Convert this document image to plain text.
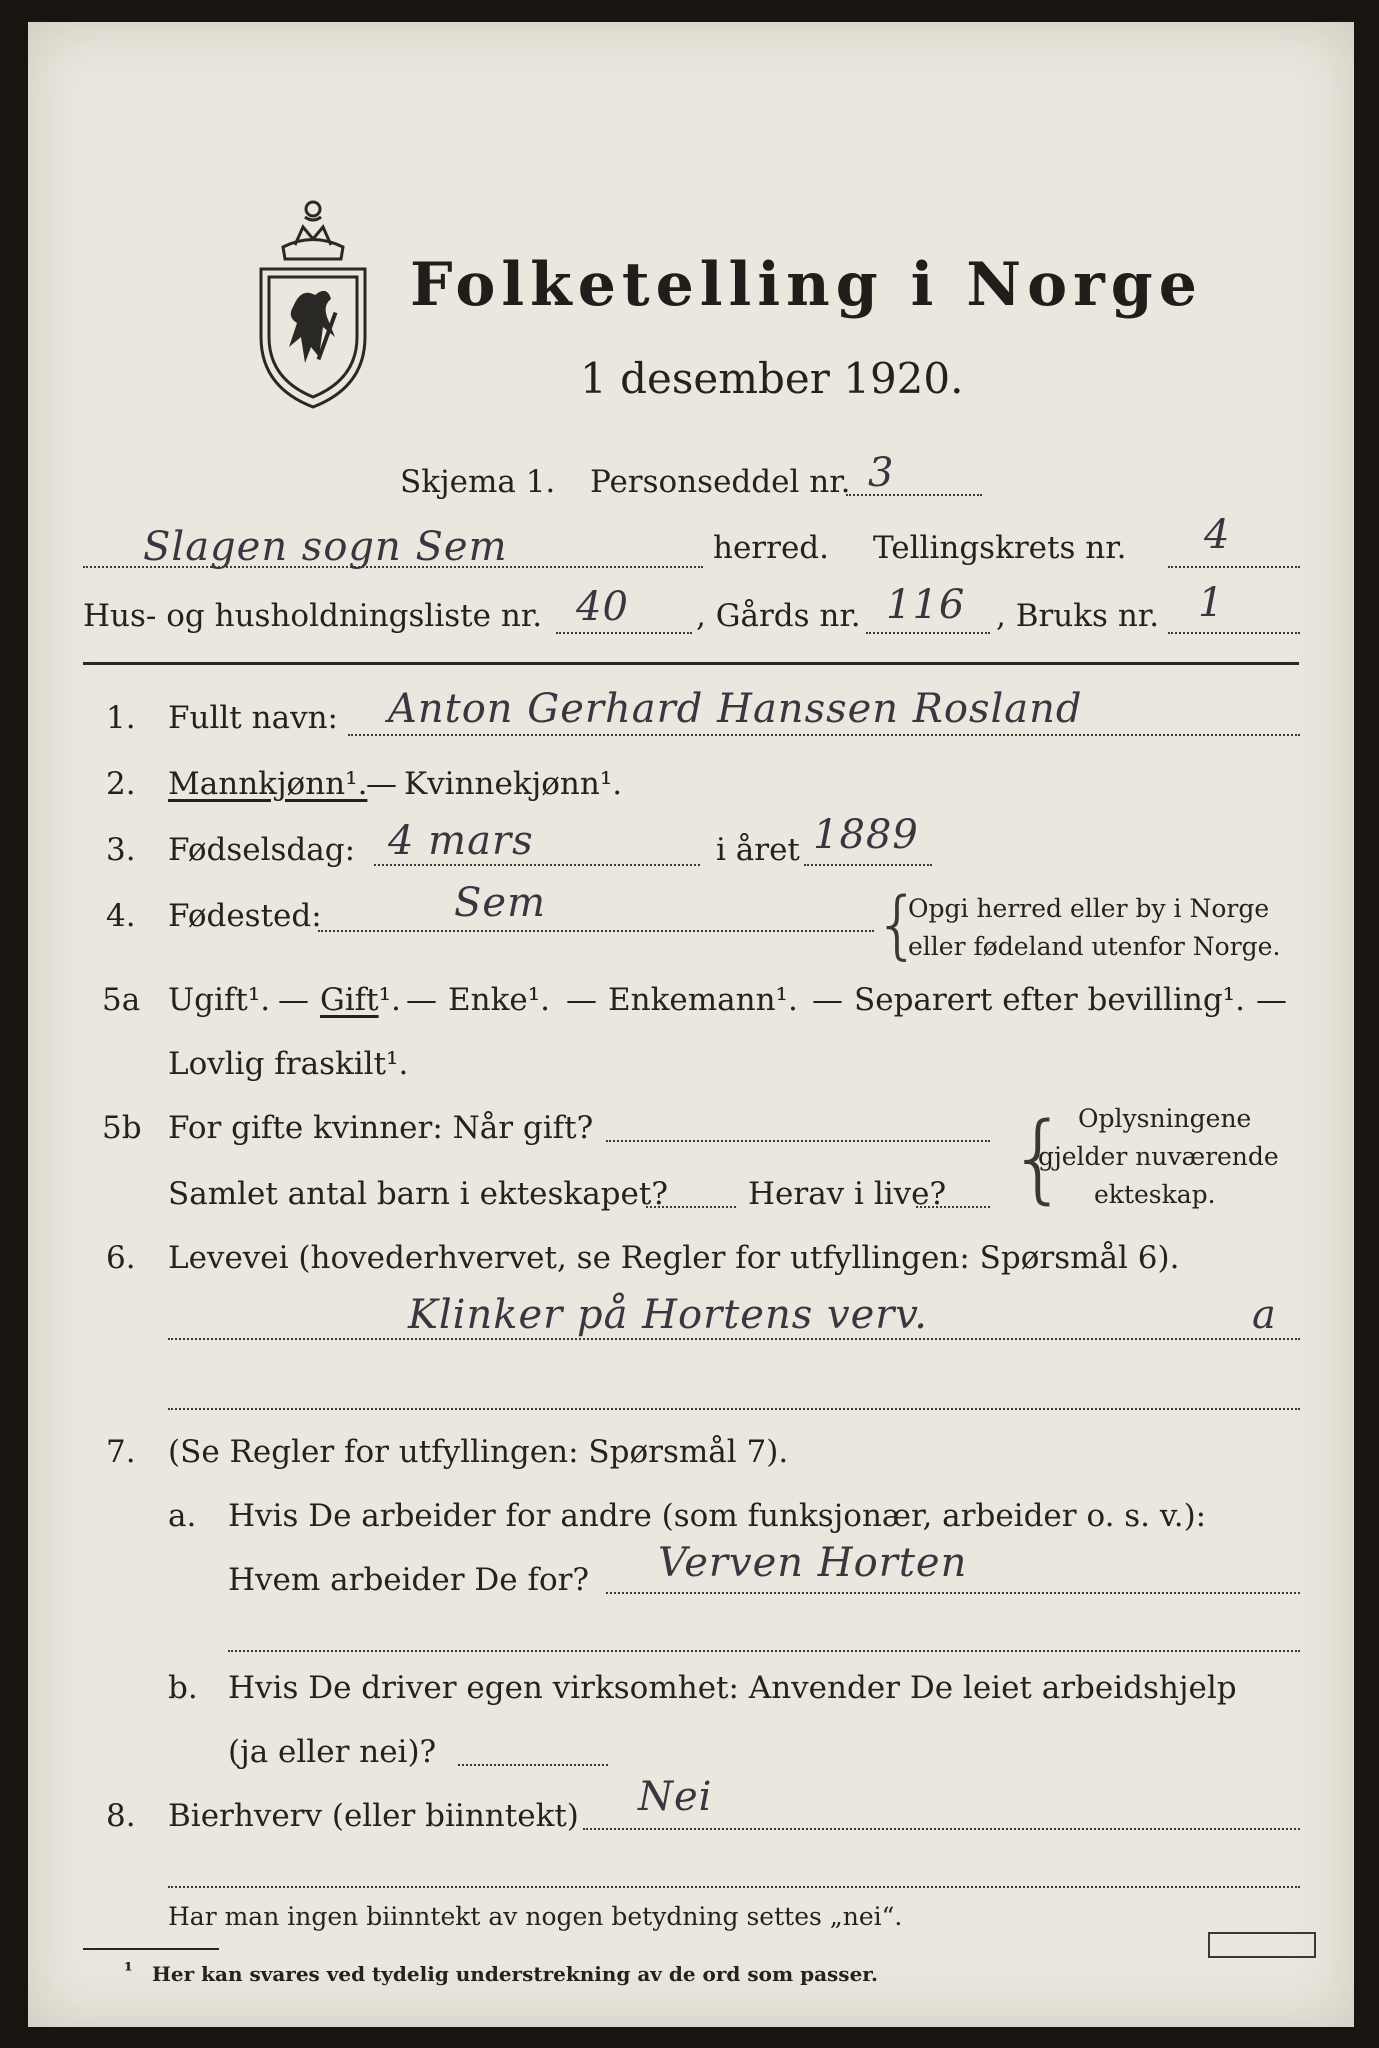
Folketelling i Norge
1 desember 1920.
Skjema 1. Personseddel nr. 3
Slagen sogn Sem	herred. Tellingskrets nr. 4
Hus- og husholdningsliste nr. 40 , Gårds nr. 116 , Bruks nr. 1
1. Fullt navn: Anton Gerhard Hanssen Rosland
2. Mannkjønn¹.
— Kvinnekjønn¹.
3. Fødselsdag: 4 mars	i året 1889
4. Fødested:	Sem	{
Opgi herred eller by i Norge
eller fødeland utenfor Norge.
5a Ugift¹. — Gift¹. — Enke¹. — Enkemann¹. — Separert efter bevilling¹. —
Lovlig fraskilt¹.
5b For gifte kvinner: Når gift?
Samlet antal barn i ekteskapet?	Herav i live? { Oplysningene
gjelder nuværende
ekteskap.
6. Levevei (hovederhvervet, se Regler for utfyllingen: Spørsmål 6).
Klinker på Hortens verv.	a
7. (Se Regler for utfyllingen: Spørsmål 7).
a. Hvis De arbeider for andre (som funksjonær, arbeider o. s. v.):
Hvem arbeider De for? Verven Horten
b. Hvis De driver egen virksomhet: Anvender De leiet arbeidshjelp
(ja eller nei)?
8. Bierhverv (eller biinntekt) Nei
Har man ingen biinntekt av nogen betydning settes „nei“.
¹ Her kan svares ved tydelig understrekning av de ord som passer.
